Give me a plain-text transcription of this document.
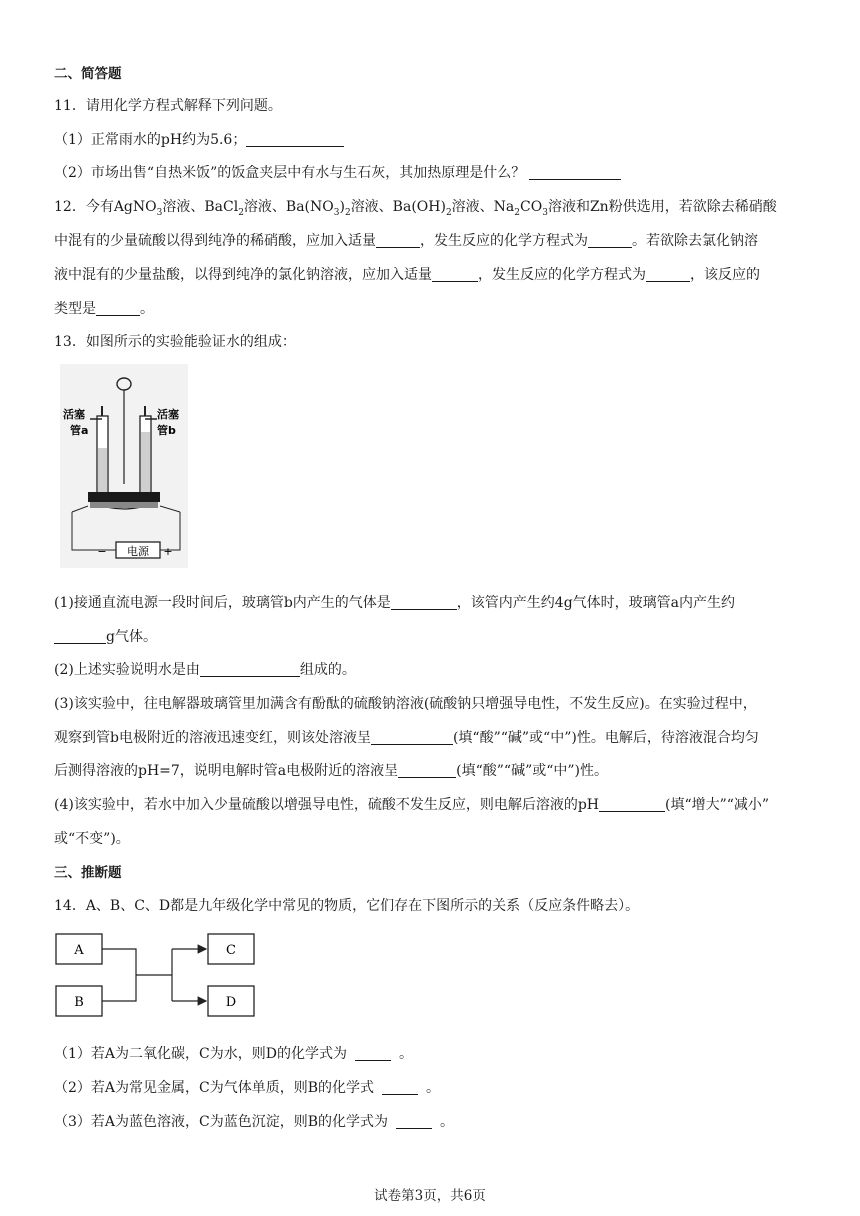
二、简答题
11．请用化学方程式解释下列问题。
（1）正常雨水的pH约为5.6；
（2）市场出售“自热米饭”的饭盒夹层中有水与生石灰，其加热原理是什么？
12．今有AgNO$_3$溶液、BaCl$_2$溶液、$Ba(NO_3)_2$溶液、$Ba(OH)_2$溶液、$Na_2CO_3$溶液和Zn粉供选用，若欲除去稀硝酸
中混有的少量硫酸以得到纯净的稀硝酸，应加入适量	，发生反应的化学方程式为	。若欲除去氯化钠溶
液中混有的少量盐酸，以得到纯净的氯化钠溶液，应加入适量	，发生反应的化学方程式为	，该反应的
类型是	。
13．如图所示的实验能验证水的组成：
电源
−	+
活塞
管a
活塞
管b
(1)接通直流电源一段时间后，玻璃管b内产生的气体是	，该管内产生约4g气体时，玻璃管a内产生约
g气体。
(2)上述实验说明水是由	组成的。
(3)该实验中，往电解器玻璃管里加满含有酚酞的硫酸钠溶液(硫酸钠只增强导电性，不发生反应)。在实验过程中，
观察到管b电极附近的溶液迅速变红，则该处溶液呈	(填“酸”“碱”或“中”)性。电解后，待溶液混合均匀
后测得溶液的pH=7，说明电解时管a电极附近的溶液呈	(填“酸”“碱”或“中”)性。
(4)该实验中，若水中加入少量硫酸以增强导电性，硫酸不发生反应，则电解后溶液的pH	(填“增大”“减小”
或“不变”)。
三、推断题
14．A、B、C、D都是九年级化学中常见的物质，它们存在下图所示的关系（反应条件略去）。
A
B
C
D
（1）若A为二氧化碳，C为水，则D的化学式为	。
（2）若A为常见金属，C为气体单质，则B的化学式	。
（3）若A为蓝色溶液，C为蓝色沉淀，则B的化学式为	。
试卷第3页，共6页
